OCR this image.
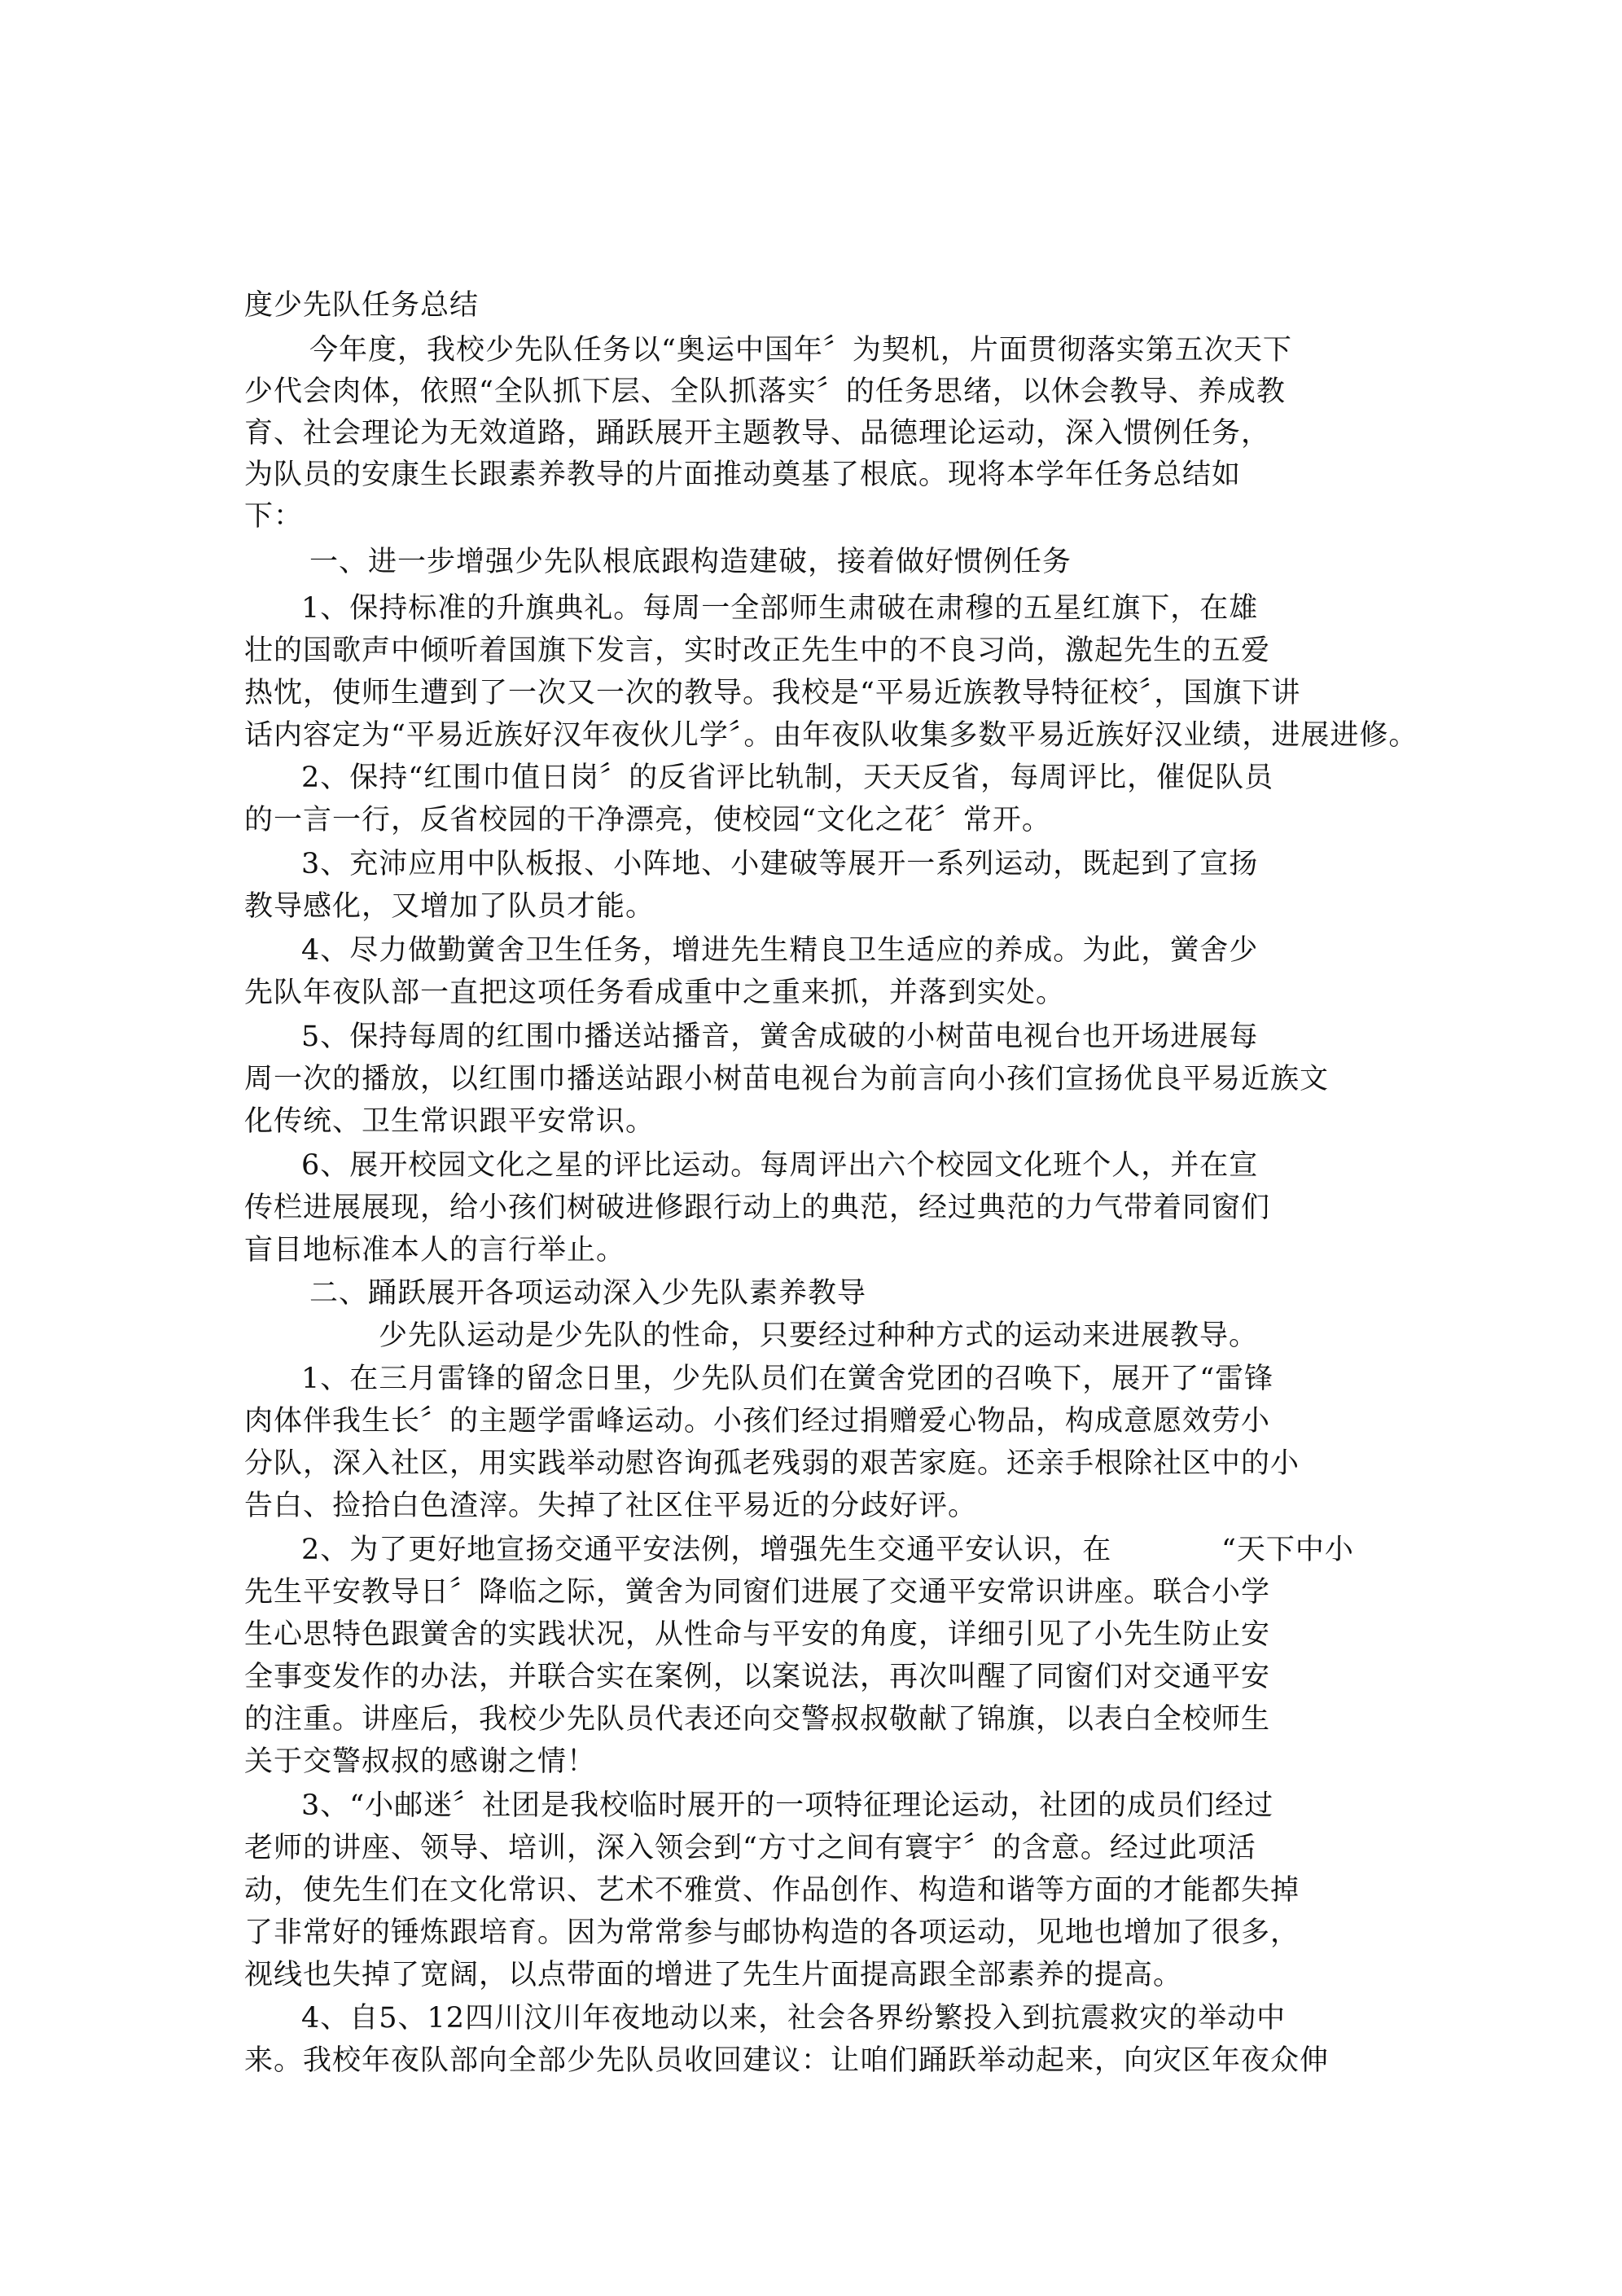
度少先队任务总结
今年度，我校少先队任务以“奥运中国年〞为契机，片面贯彻落实第五次天下
少代会肉体，依照“全队抓下层、全队抓落实〞的任务思绪，以休会教导、养成教
育、社会理论为无效道路，踊跃展开主题教导、品德理论运动，深入惯例任务，
为队员的安康生长跟素养教导的片面推动奠基了根底。现将本学年任务总结如
下：
一、进一步增强少先队根底跟构造建破，接着做好惯例任务
1、保持标准的升旗典礼。每周一全部师生肃破在肃穆的五星红旗下，在雄
壮的国歌声中倾听着国旗下发言，实时改正先生中的不良习尚，激起先生的五爱
热忱，使师生遭到了一次又一次的教导。我校是“平易近族教导特征校〞，国旗下讲
话内容定为“平易近族好汉年夜伙儿学〞。由年夜队收集多数平易近族好汉业绩，进展进修。
2、保持“红围巾值日岗〞的反省评比轨制，天天反省，每周评比，催促队员
的一言一行，反省校园的干净漂亮，使校园“文化之花〞常开。
3、充沛应用中队板报、小阵地、小建破等展开一系列运动，既起到了宣扬
教导感化，又增加了队员才能。
4、尽力做勤黉舍卫生任务，增进先生精良卫生适应的养成。为此，黉舍少
先队年夜队部一直把这项任务看成重中之重来抓，并落到实处。
5、保持每周的红围巾播送站播音，黉舍成破的小树苗电视台也开场进展每
周一次的播放，以红围巾播送站跟小树苗电视台为前言向小孩们宣扬优良平易近族文
化传统、卫生常识跟平安常识。
6、展开校园文化之星的评比运动。每周评出六个校园文化班个人，并在宣
传栏进展展现，给小孩们树破进修跟行动上的典范，经过典范的力气带着同窗们
盲目地标准本人的言行举止。
二、踊跃展开各项运动深入少先队素养教导
少先队运动是少先队的性命，只要经过种种方式的运动来进展教导。
1、在三月雷锋的留念日里，少先队员们在黉舍党团的召唤下，展开了“雷锋
肉体伴我生长〞的主题学雷峰运动。小孩们经过捐赠爱心物品，构成意愿效劳小
分队，深入社区，用实践举动慰咨询孤老残弱的艰苦家庭。还亲手根除社区中的小
告白、捡拾白色渣滓。失掉了社区住平易近的分歧好评。
2、为了更好地宣扬交通平安法例，增强先生交通平安认识，在	“天下中小
先生平安教导日〞降临之际，黉舍为同窗们进展了交通平安常识讲座。联合小学
生心思特色跟黉舍的实践状况，从性命与平安的角度，详细引见了小先生防止安
全事变发作的办法，并联合实在案例，以案说法，再次叫醒了同窗们对交通平安
的注重。讲座后，我校少先队员代表还向交警叔叔敬献了锦旗，以表白全校师生
关于交警叔叔的感谢之情！
3、“小邮迷〞社团是我校临时展开的一项特征理论运动，社团的成员们经过
老师的讲座、领导、培训，深入领会到“方寸之间有寰宇〞的含意。经过此项活
动，使先生们在文化常识、艺术不雅赏、作品创作、构造和谐等方面的才能都失掉
了非常好的锤炼跟培育。因为常常参与邮协构造的各项运动，见地也增加了很多，
视线也失掉了宽阔，以点带面的增进了先生片面提高跟全部素养的提高。
4、自5、12四川汶川年夜地动以来，社会各界纷繁投入到抗震救灾的举动中
来。我校年夜队部向全部少先队员收回建议：让咱们踊跃举动起来，向灾区年夜众伸
